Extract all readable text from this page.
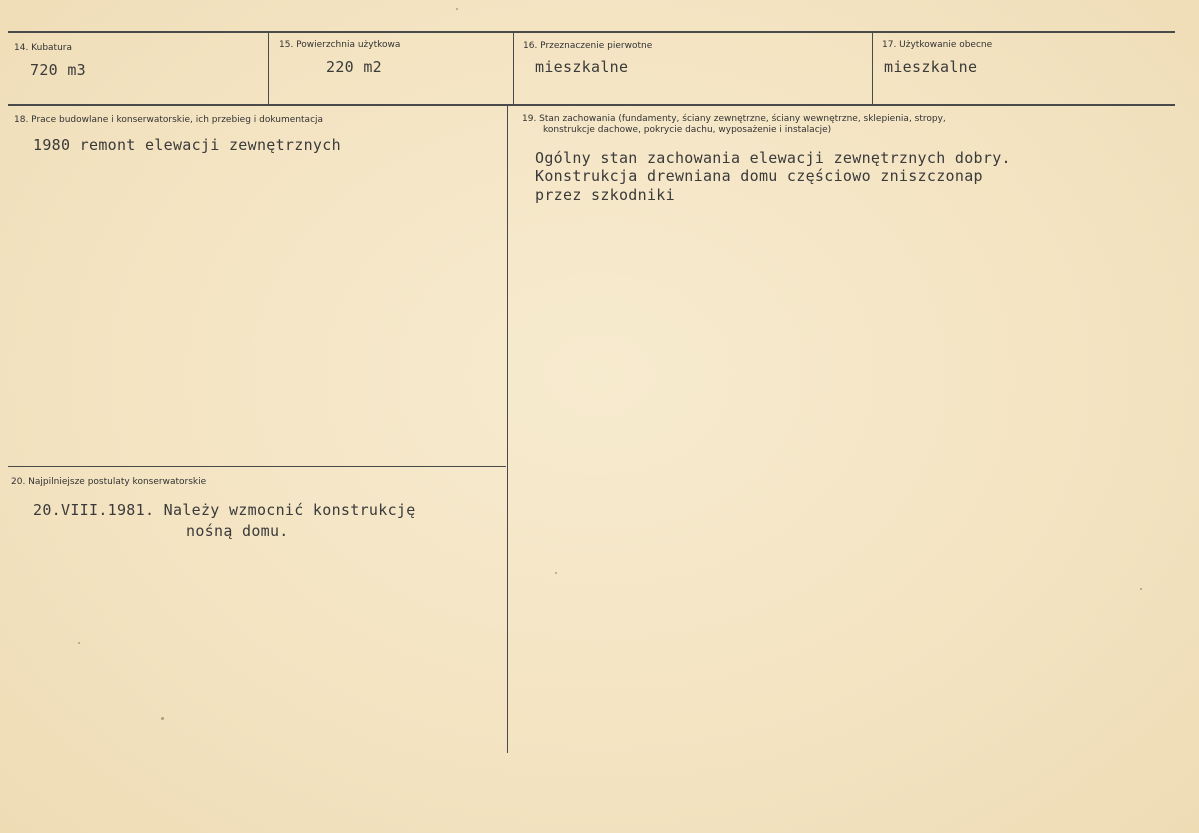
14. Kubatura
720 m3
15. Powierzchnia użytkowa
220 m2
16. Przeznaczenie pierwotne
mieszkalne
17. Użytkowanie obecne
mieszkalne
18. Prace budowlane i konserwatorskie, ich przebieg i dokumentacja
1980 remont elewacji zewnętrznych
19. Stan zachowania (fundamenty, ściany zewnętrzne, ściany wewnętrzne, sklepienia, stropy,
konstrukcje dachowe, pokrycie dachu, wyposażenie i instalacje)
Ogólny stan zachowania elewacji zewnętrznych dobry.
Konstrukcja drewniana domu częściowo zniszczonap
przez szkodniki
20. Najpilniejsze postulaty konserwatorskie
20.VIII.1981. Należy wzmocnić konstrukcję
nośną domu.
